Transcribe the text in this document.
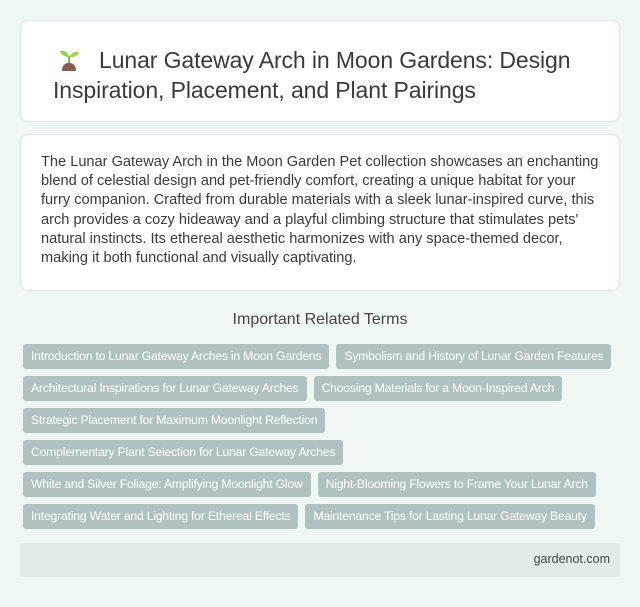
Lunar Gateway Arch in Moon Gardens: Design Inspiration, Placement, and Plant Pairings

The Lunar Gateway Arch in the Moon Garden Pet collection showcases an enchanting blend of celestial design and pet-friendly comfort, creating a unique habitat for your furry companion. Crafted from durable materials with a sleek lunar-inspired curve, this arch provides a cozy hideaway and a playful climbing structure that stimulates pets' natural instincts. Its ethereal aesthetic harmonizes with any space-themed decor, making it both functional and visually captivating.

Important Related Terms
Introduction to Lunar Gateway Arches in Moon Gardens	Symbolism and History of Lunar Garden Features
Architectural Inspirations for Lunar Gateway Arches	Choosing Materials for a Moon-Inspired Arch
Strategic Placement for Maximum Moonlight Reflection
Complementary Plant Selection for Lunar Gateway Arches
White and Silver Foliage: Amplifying Moonlight Glow	Night-Blooming Flowers to Frame Your Lunar Arch
Integrating Water and Lighting for Ethereal Effects	Maintenance Tips for Lasting Lunar Gateway Beauty
gardenot.com
